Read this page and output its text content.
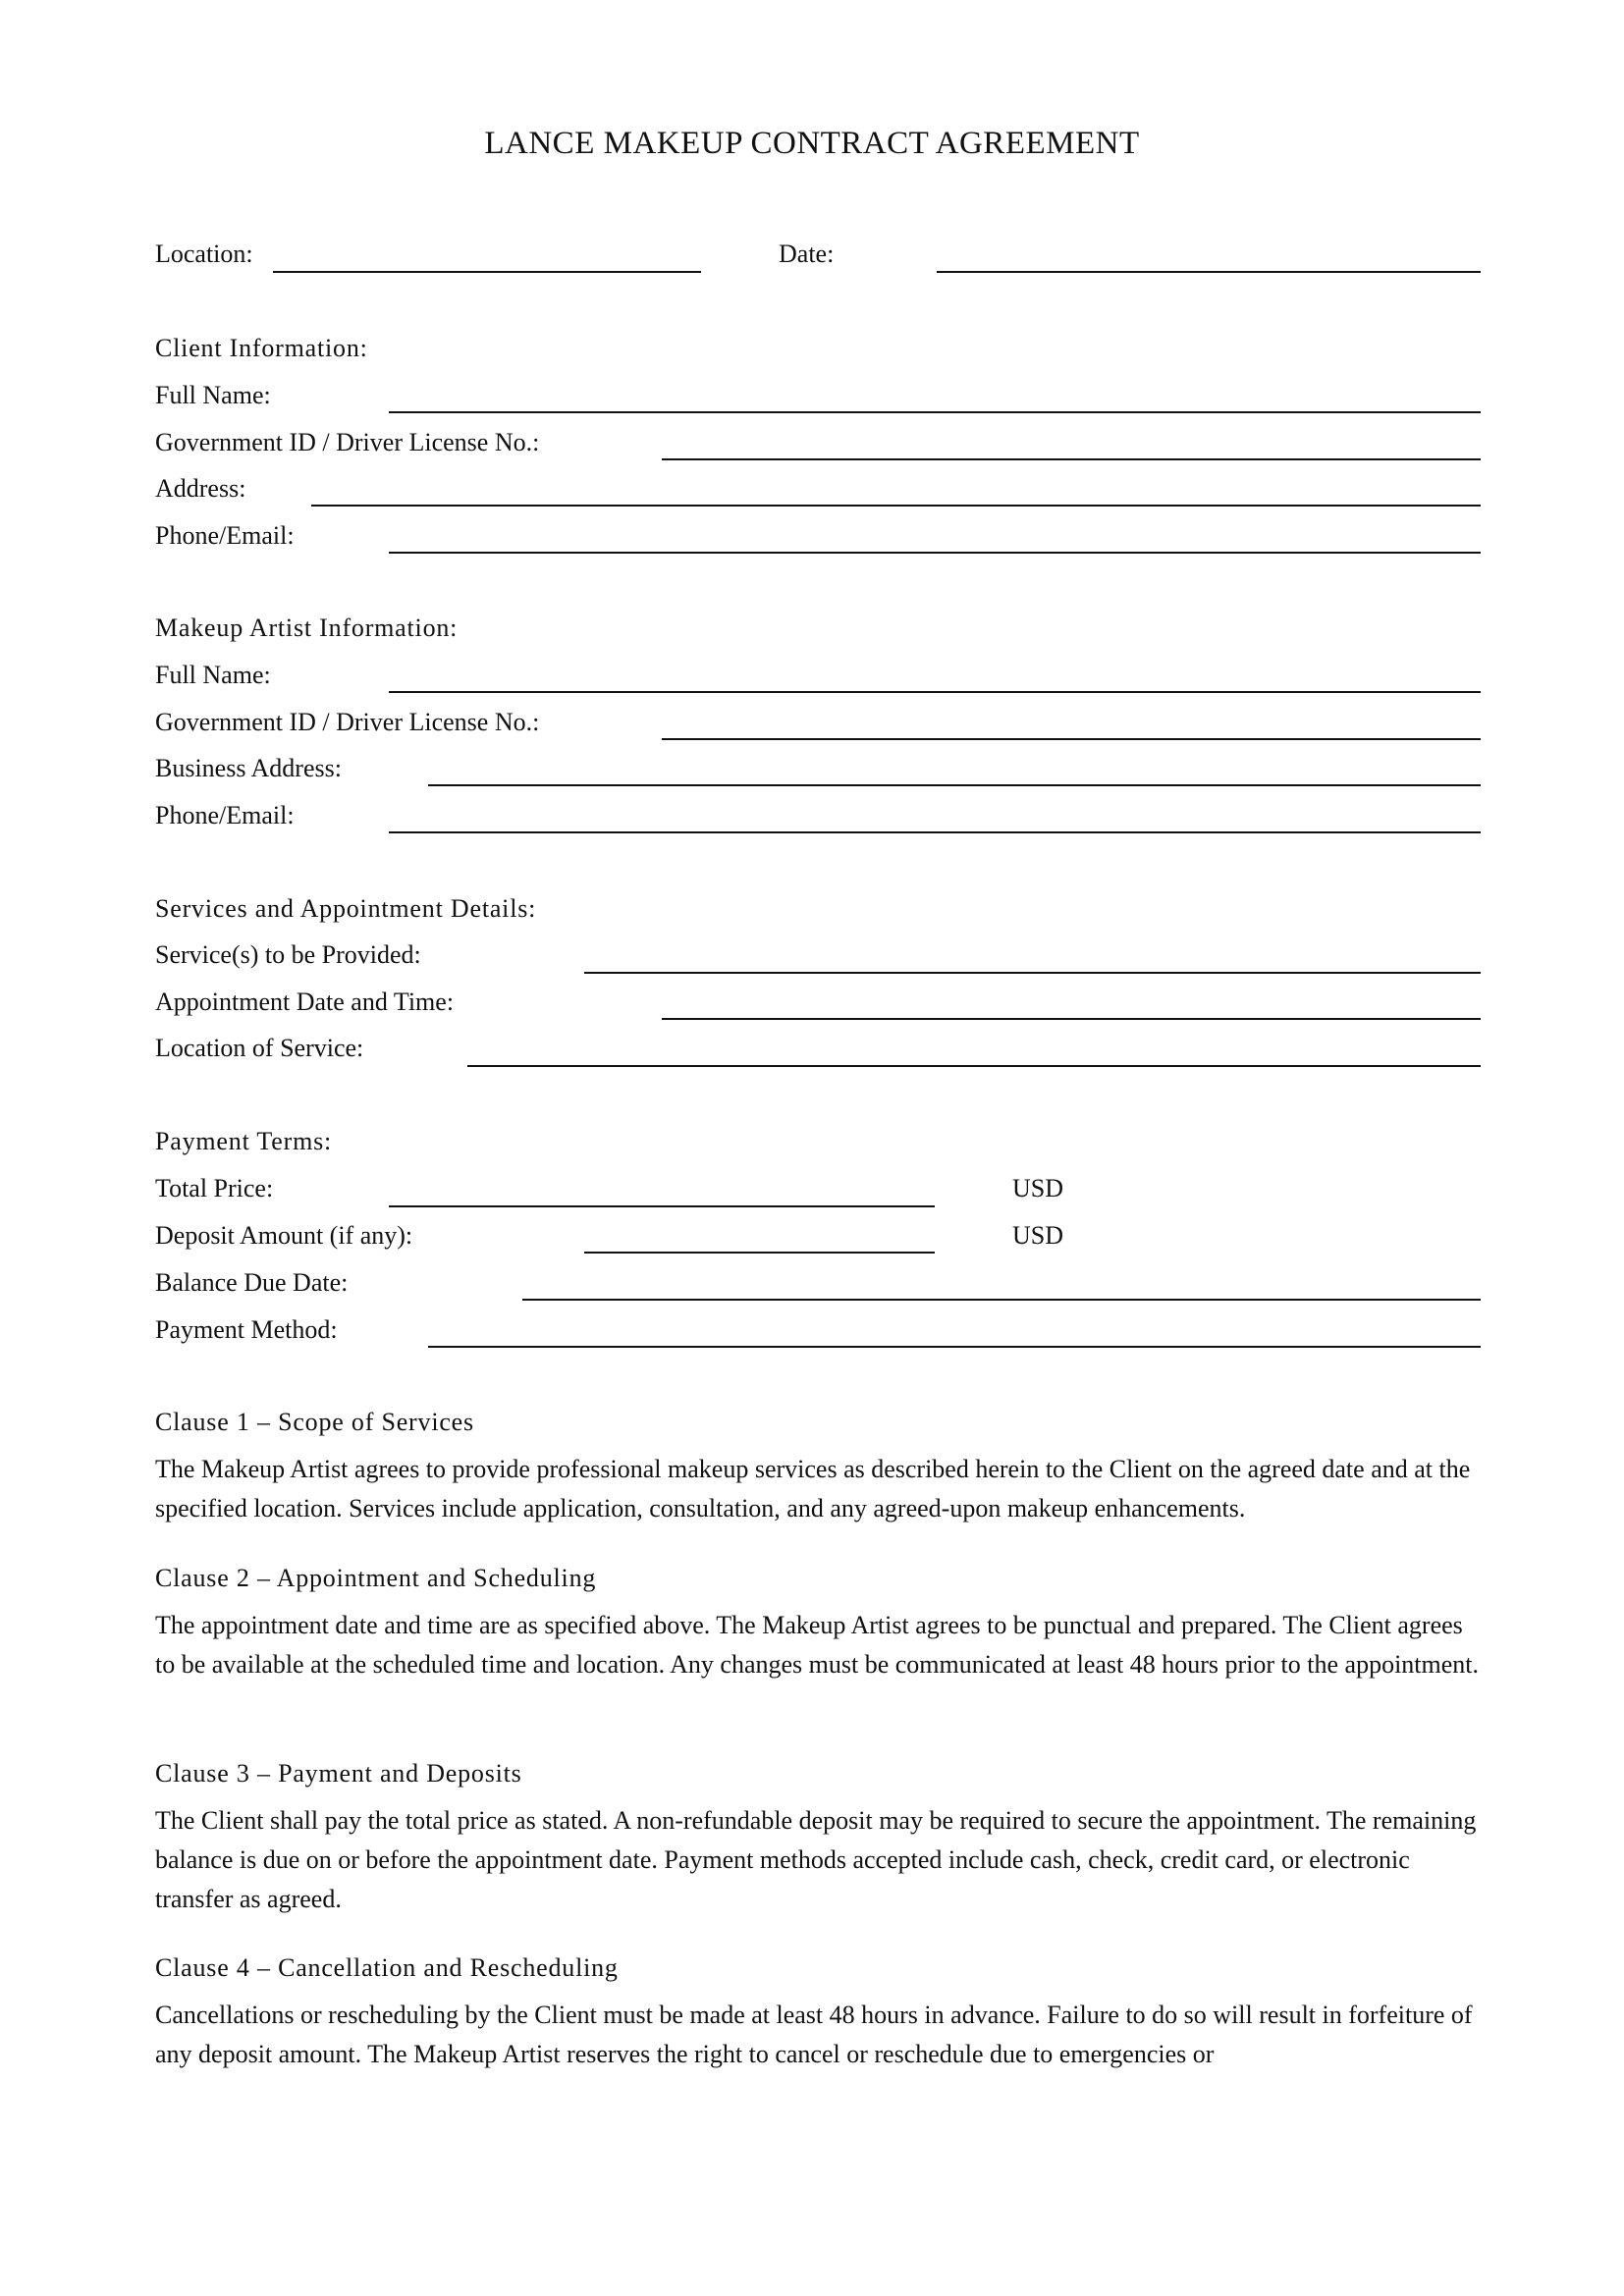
LANCE MAKEUP CONTRACT AGREEMENT
Location:	Date:
Client Information:
Full Name:
Government ID / Driver License No.:
Address:
Phone/Email:
Makeup Artist Information:
Full Name:
Government ID / Driver License No.:
Business Address:
Phone/Email:
Services and Appointment Details:
Service(s) to be Provided:
Appointment Date and Time:
Location of Service:
Payment Terms:
Total Price:	USD
Deposit Amount (if any):	USD
Balance Due Date:
Payment Method:
Clause 1 – Scope of Services
The Makeup Artist agrees to provide professional makeup services as described herein to the Client on the agreed date and at the specified location. Services include application, consultation, and any agreed-upon makeup enhancements.
Clause 2 – Appointment and Scheduling
The appointment date and time are as specified above. The Makeup Artist agrees to be punctual and prepared. The Client agrees to be available at the scheduled time and location. Any changes must be communicated at least 48 hours prior to the appointment.
Clause 3 – Payment and Deposits
The Client shall pay the total price as stated. A non-refundable deposit may be required to secure the appointment. The remaining balance is due on or before the appointment date. Payment methods accepted include cash, check, credit card, or electronic transfer as agreed.
Clause 4 – Cancellation and Rescheduling
Cancellations or rescheduling by the Client must be made at least 48 hours in advance. Failure to do so will result in forfeiture of any deposit amount. The Makeup Artist reserves the right to cancel or reschedule due to emergencies or
